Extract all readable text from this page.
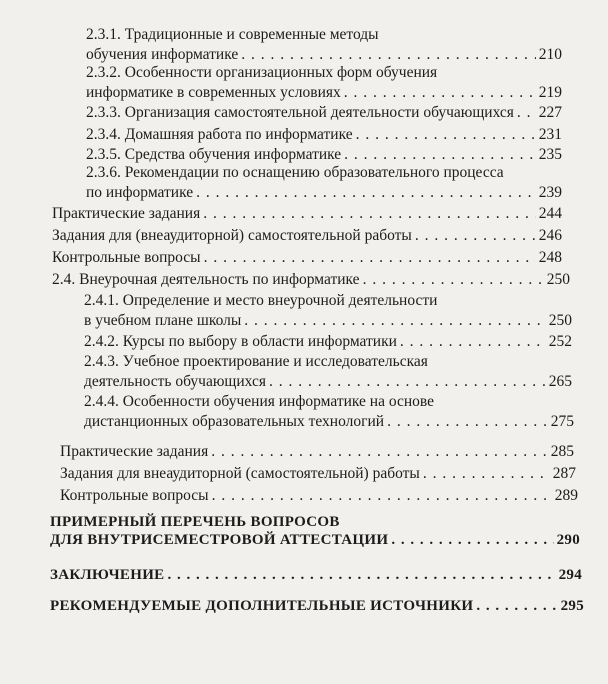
2.3.1. Традиционные и современные методы
обучения информатике . . .	210
2.3.2. Особенности организационных форм обучения
информатике в современных условиях . . .	219
2.3.3. Организация самостоятельной деятельности обучающихся . . . 227
2.3.4. Домашняя работа по информатике . . .	231
2.3.5. Средства обучения информатике . . .	235
2.3.6. Рекомендации по оснащению образовательного процесса
по информатике . . .	239
Практические задания . . .	244
Задания для (внеаудиторной) самостоятельной работы . . .	246
Контрольные вопросы . . .	248
2.4. Внеурочная деятельность по информатике . . .	250
2.4.1. Определение и место внеурочной деятельности
в учебном плане школы . . .	250
2.4.2. Курсы по выбору в области информатики . . .	252
2.4.3. Учебное проектирование и исследовательская
деятельность обучающихся . . .	265
2.4.4. Особенности обучения информатике на основе
дистанционных образовательных технологий . . .	275
Практические задания . . .	285
Задания для внеаудиторной (самостоятельной) работы . . .	287
Контрольные вопросы . . .	289
ПРИМЕРНЫЙ ПЕРЕЧЕНЬ ВОПРОСОВ
ДЛЯ ВНУТРИСЕМЕСТРОВОЙ АТТЕСТАЦИИ . . .	290
ЗАКЛЮЧЕНИЕ . . .	294
РЕКОМЕНДУЕМЫЕ ДОПОЛНИТЕЛЬНЫЕ ИСТОЧНИКИ . . .	295
